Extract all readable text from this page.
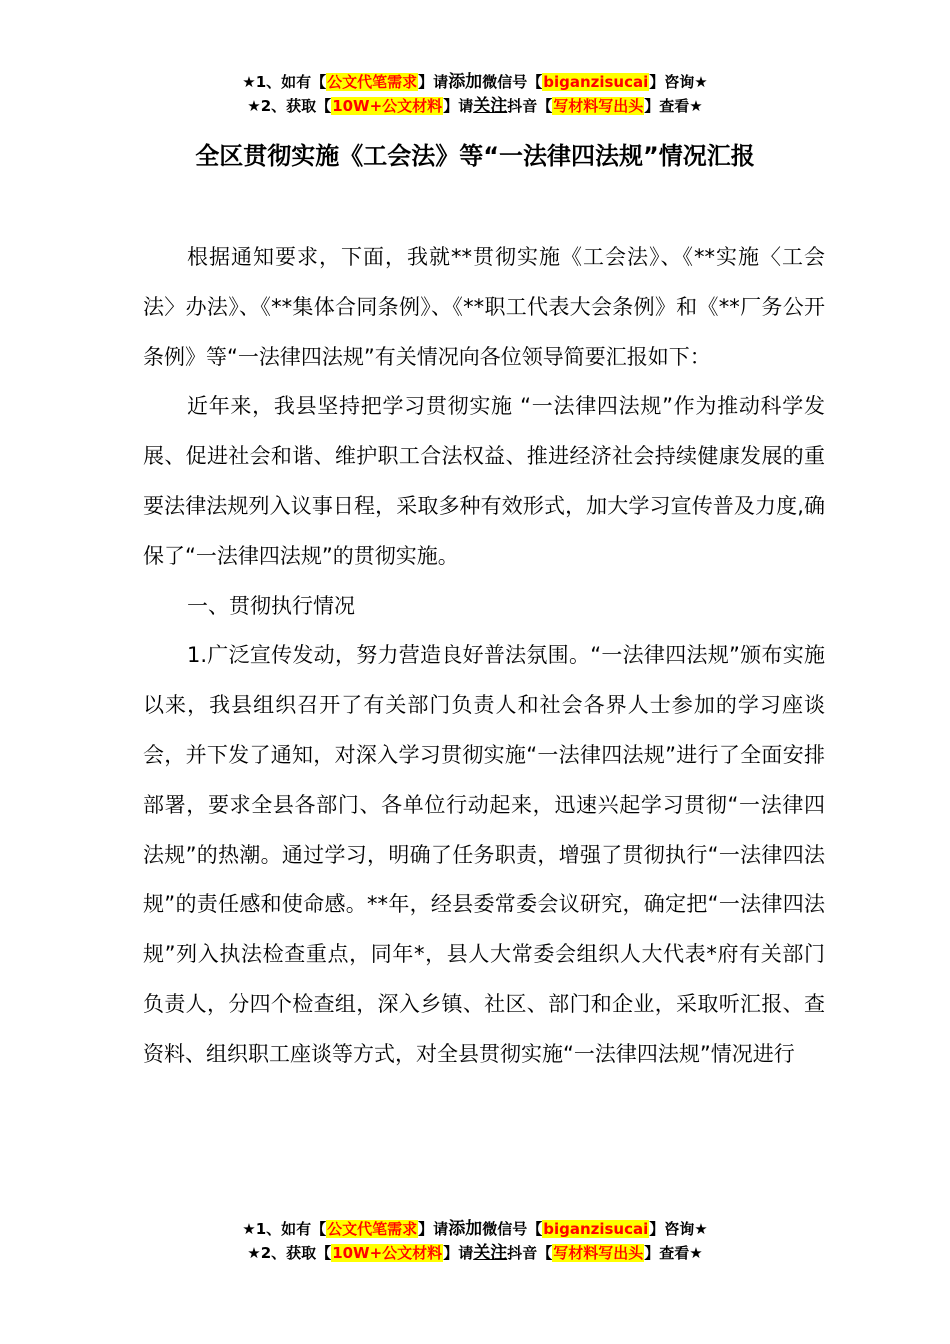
★1、如有【公文代笔需求】请添加微信号【biganzisucai】咨询★
★2、获取【10W+公文材料】请关注抖音【写材料写出头】查看★
全区贯彻实施《工会法》等“一法律四法规”情况汇报

根据通知要求，下面，我就**贯彻实施《工会法》、《**实施〈工会法〉办法》、《**集体合同条例》、《**职工代表大会条例》和《**厂务公开条例》等“一法律四法规”有关情况向各位领导简要汇报如下：

近年来，我县坚持把学习贯彻实施 “一法律四法规”作为推动科学发展、促进社会和谐、维护职工合法权益、推进经济社会持续健康发展的重要法律法规列入议事日程，采取多种有效形式，加大学习宣传普及力度,确保了“一法律四法规”的贯彻实施。

一、贯彻执行情况

1.广泛宣传发动，努力营造良好普法氛围。“一法律四法规”颁布实施以来，我县组织召开了有关部门负责人和社会各界人士参加的学习座谈会，并下发了通知，对深入学习贯彻实施“一法律四法规”进行了全面安排部署，要求全县各部门、各单位行动起来，迅速兴起学习贯彻“一法律四法规”的热潮。通过学习，明确了任务职责，增强了贯彻执行“一法律四法规”的责任感和使命感。**年，经县委常委会议研究，确定把“一法律四法规”列入执法检查重点，同年*，县人大常委会组织人大代表*府有关部门负责人，分四个检查组，深入乡镇、社区、部门和企业，采取听汇报、查资料、组织职工座谈等方式，对全县贯彻实施“一法律四法规”情况进行

★1、如有【公文代笔需求】请添加微信号【biganzisucai】咨询★
★2、获取【10W+公文材料】请关注抖音【写材料写出头】查看★
